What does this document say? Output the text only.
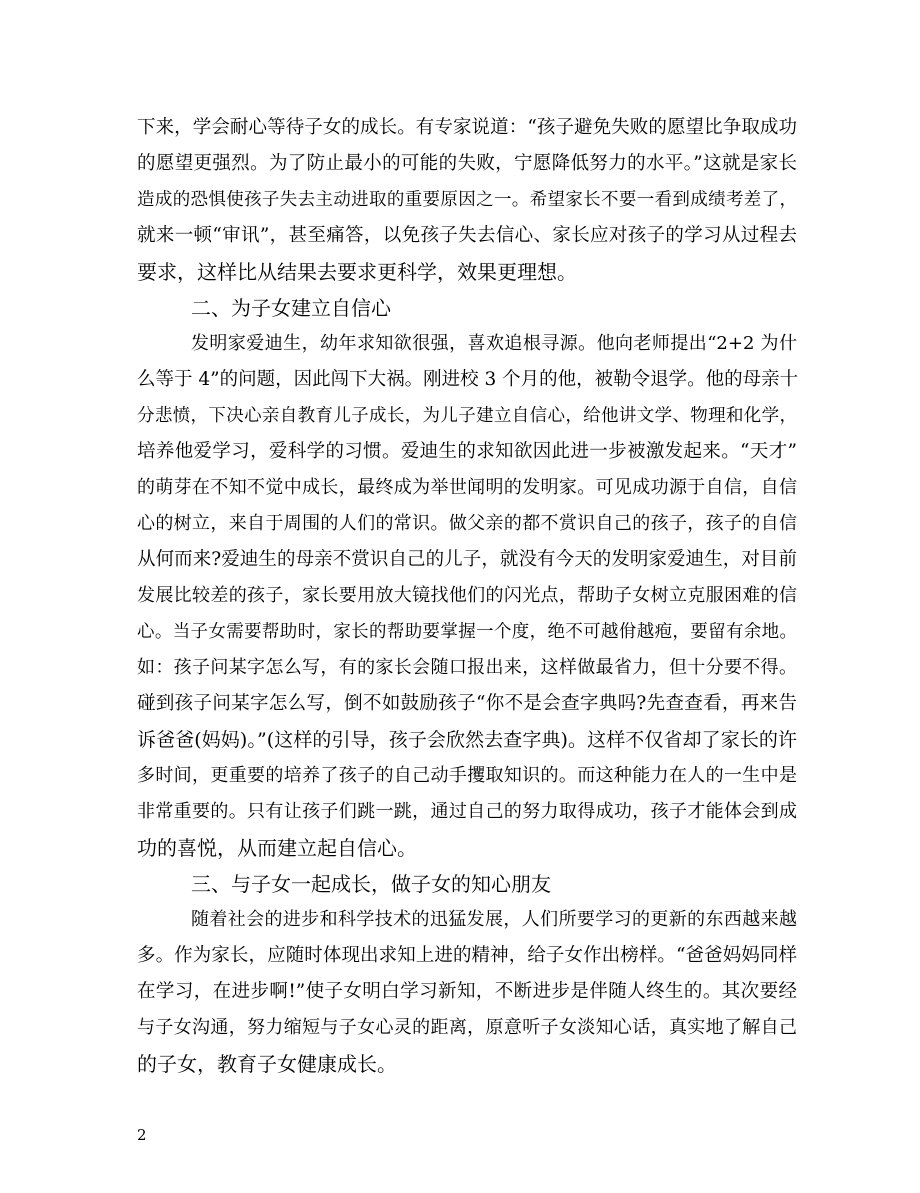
下来，学会耐心等待子女的成长。有专家说道：“孩子避免失败的愿望比争取成功
的愿望更强烈。为了防止最小的可能的失败，宁愿降低努力的水平。”这就是家长
造成的恐惧使孩子失去主动进取的重要原因之一。希望家长不要一看到成绩考差了，
就来一顿“审讯”，甚至痛答，以免孩子失去信心、家长应对孩子的学习从过程去
要求，这样比从结果去要求更科学，效果更理想。
二、为子女建立自信心
发明家爱迪生，幼年求知欲很强，喜欢追根寻源。他向老师提出“2+2 为什
么等于 4”的问题，因此闯下大祸。刚进校 3 个月的他，被勒令退学。他的母亲十
分悲愤，下决心亲自教育儿子成长，为儿子建立自信心，给他讲文学、物理和化学，
培养他爱学习，爱科学的习惯。爱迪生的求知欲因此进一步被激发起来。“天才”
的萌芽在不知不觉中成长，最终成为举世闻明的发明家。可见成功源于自信，自信
心的树立，来自于周围的人们的常识。做父亲的都不赏识自己的孩子，孩子的自信
从何而来?爱迪生的母亲不赏识自己的儿子，就没有今天的发明家爱迪生，对目前
发展比较差的孩子，家长要用放大镜找他们的闪光点，帮助子女树立克服困难的信
心。当子女需要帮助时，家长的帮助要掌握一个度，绝不可越佾越疱，要留有余地。
如：孩子问某字怎么写，有的家长会随口报出来，这样做最省力，但十分要不得。
碰到孩子问某字怎么写，倒不如鼓励孩子“你不是会查字典吗?先查查看，再来告
诉爸爸(妈妈)。”(这样的引导，孩子会欣然去查字典)。这样不仅省却了家长的许
多时间，更重要的培养了孩子的自己动手攫取知识的。而这种能力在人的一生中是
非常重要的。只有让孩子们跳一跳，通过自己的努力取得成功，孩子才能体会到成
功的喜悦，从而建立起自信心。
三、与子女一起成长，做子女的知心朋友
随着社会的进步和科学技术的迅猛发展，人们所要学习的更新的东西越来越
多。作为家长，应随时体现出求知上进的精神，给子女作出榜样。“爸爸妈妈同样
在学习，在进步啊!”使子女明白学习新知，不断进步是伴随人终生的。其次要经
与子女沟通，努力缩短与子女心灵的距离，原意听子女淡知心话，真实地了解自己
的子女，教育子女健康成长。
2
